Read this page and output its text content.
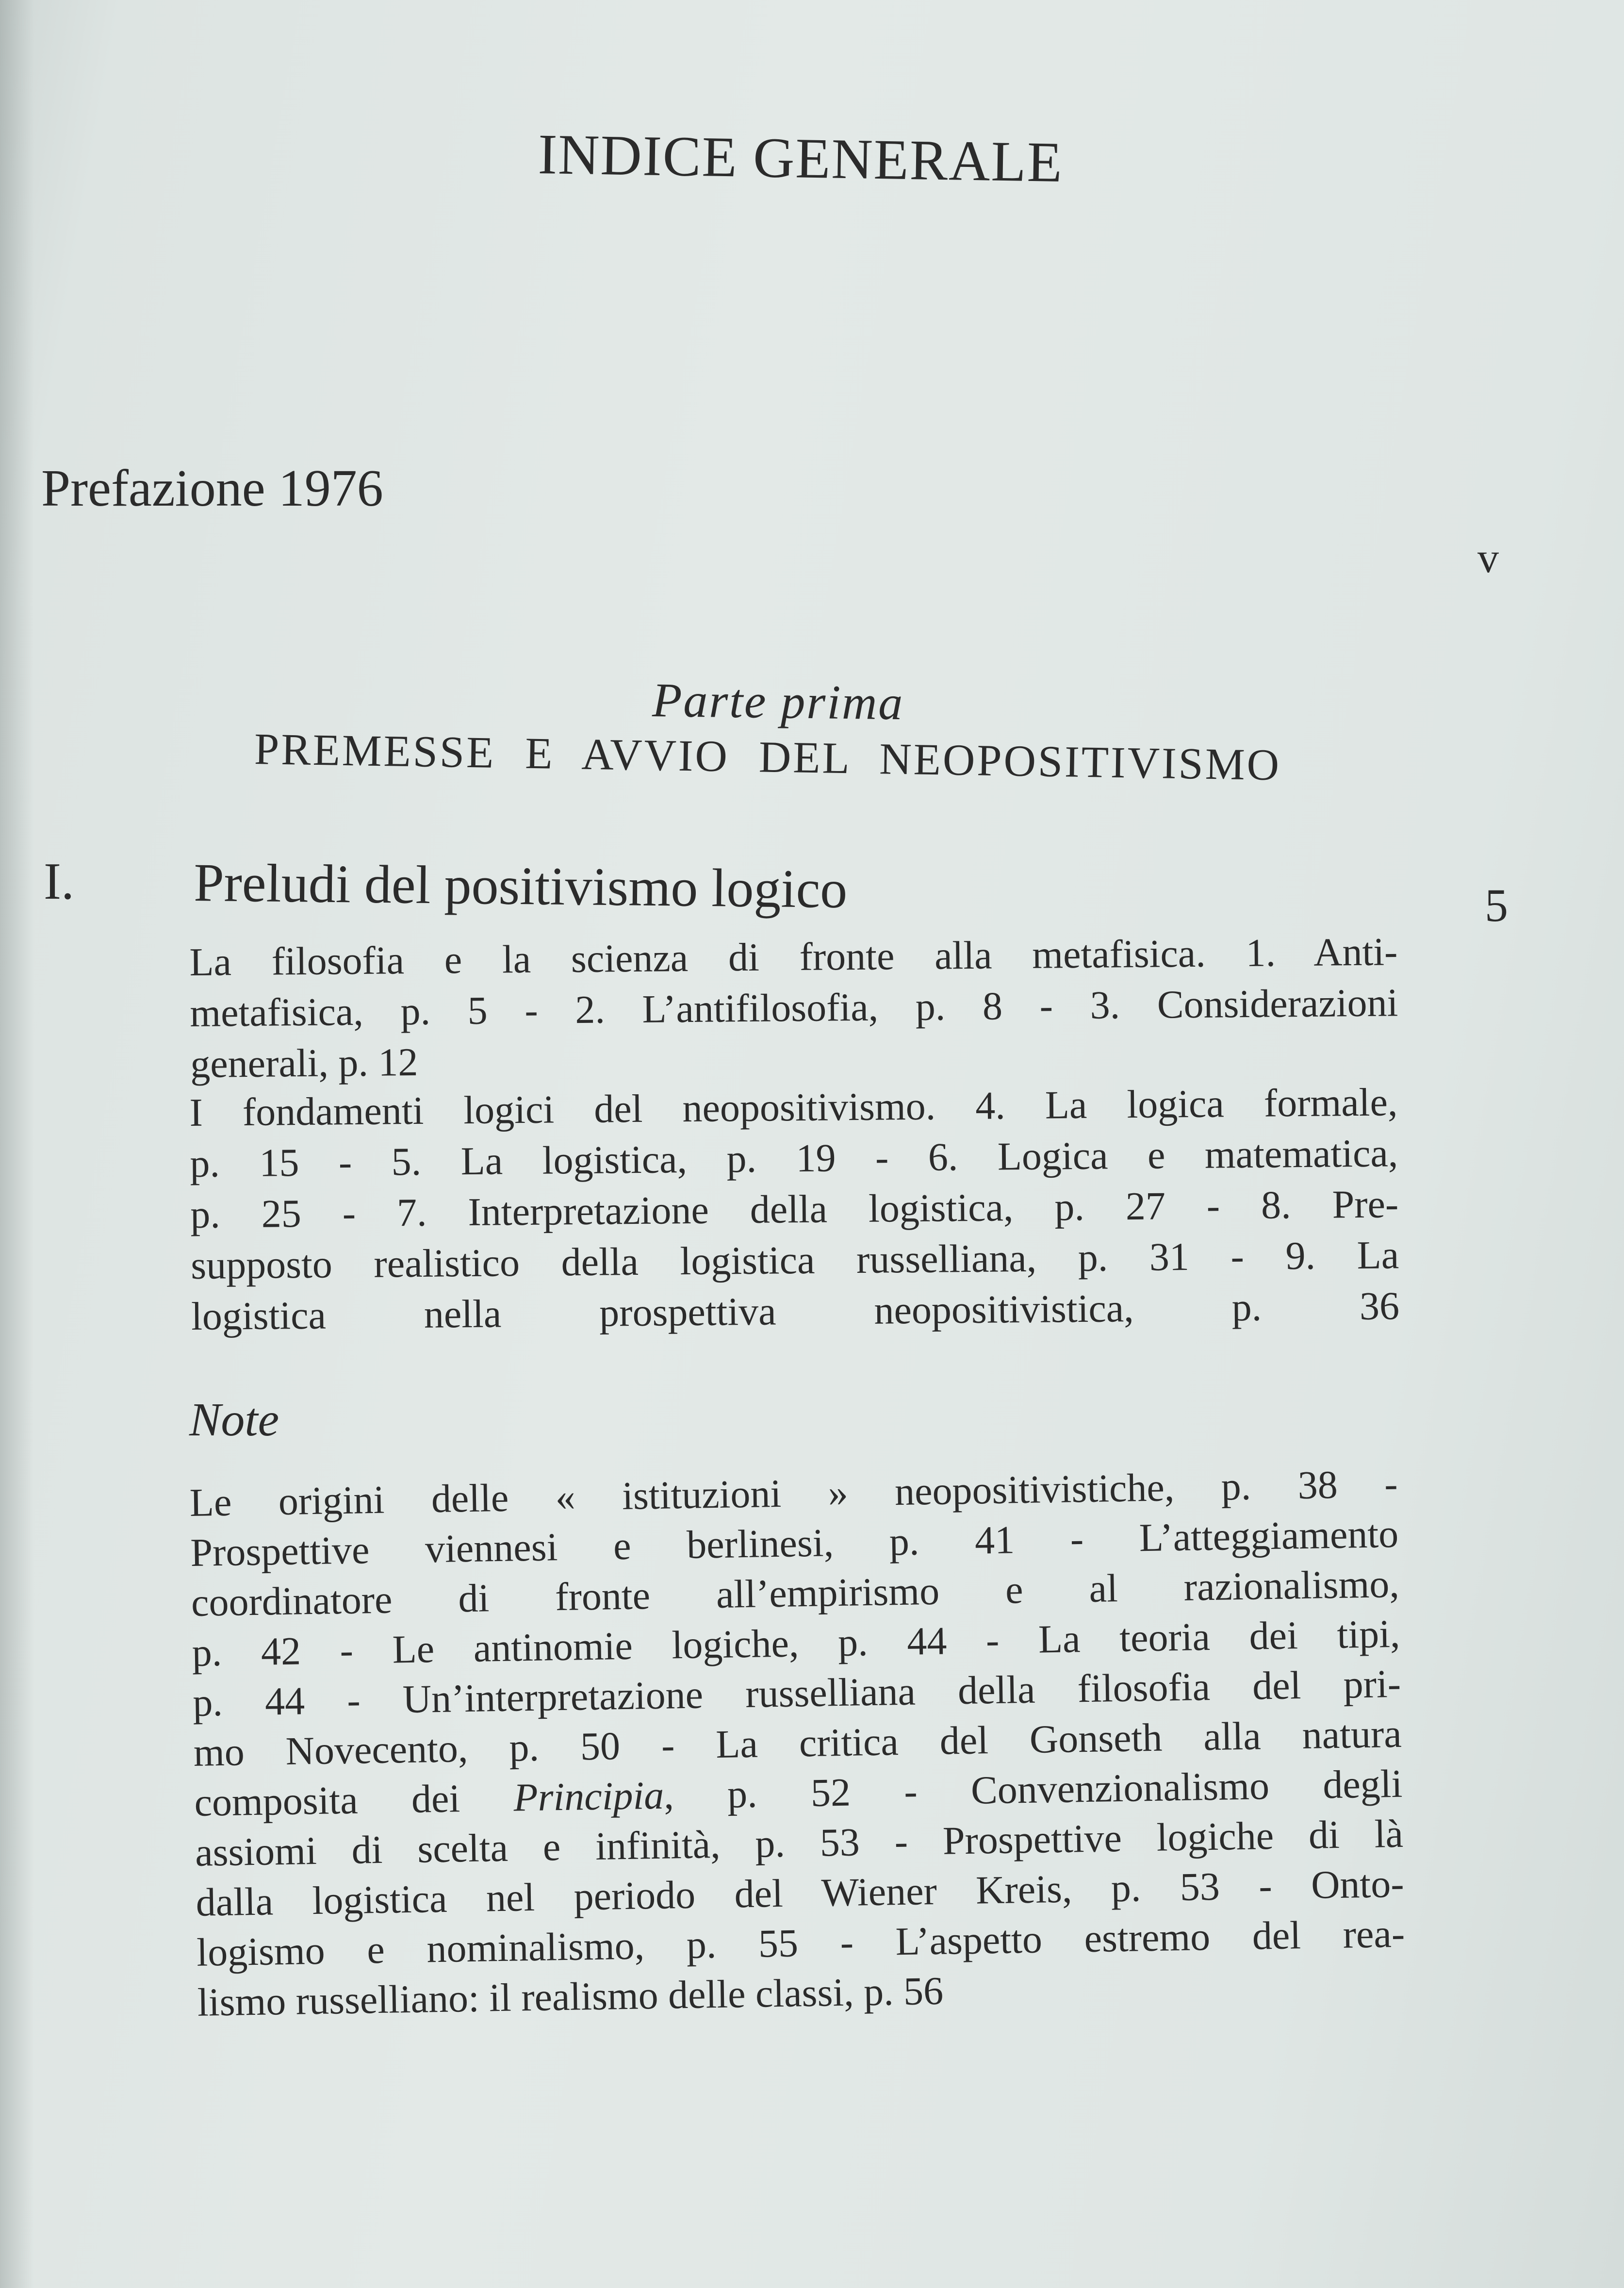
INDICE GENERALE
Prefazione 1976
v
Parte prima
PREMESSE E AVVIO DEL NEOPOSITIVISMO
I. Preludi del positivismo logico	5
La filosofia e la scienza di fronte alla metafisica. 1. Anti-
metafisica, p. 5 - 2. L’antifilosofia, p. 8 - 3. Considerazioni
generali, p. 12
I fondamenti logici del neopositivismo. 4. La logica formale,
p. 15 - 5. La logistica, p. 19 - 6. Logica e matematica,
p. 25 - 7. Interpretazione della logistica, p. 27 - 8. Pre-
supposto realistico della logistica russelliana, p. 31 - 9. La
logistica nella prospettiva neopositivistica, p. 36
Note
Le origini delle « istituzioni » neopositivistiche, p. 38 -
Prospettive viennesi e berlinesi, p. 41 - L’atteggiamento
coordinatore di fronte all’empirismo e al razionalismo,
p. 42 - Le antinomie logiche, p. 44 - La teoria dei tipi,
p. 44 - Un’interpretazione russelliana della filosofia del pri-
mo Novecento, p. 50 - La critica del Gonseth alla natura
composita dei Principia, p. 52 - Convenzionalismo degli
assiomi di scelta e infinità, p. 53 - Prospettive logiche di là
dalla logistica nel periodo del Wiener Kreis, p. 53 - Onto-
logismo e nominalismo, p. 55 - L’aspetto estremo del rea-
lismo russelliano: il realismo delle classi, p. 56
